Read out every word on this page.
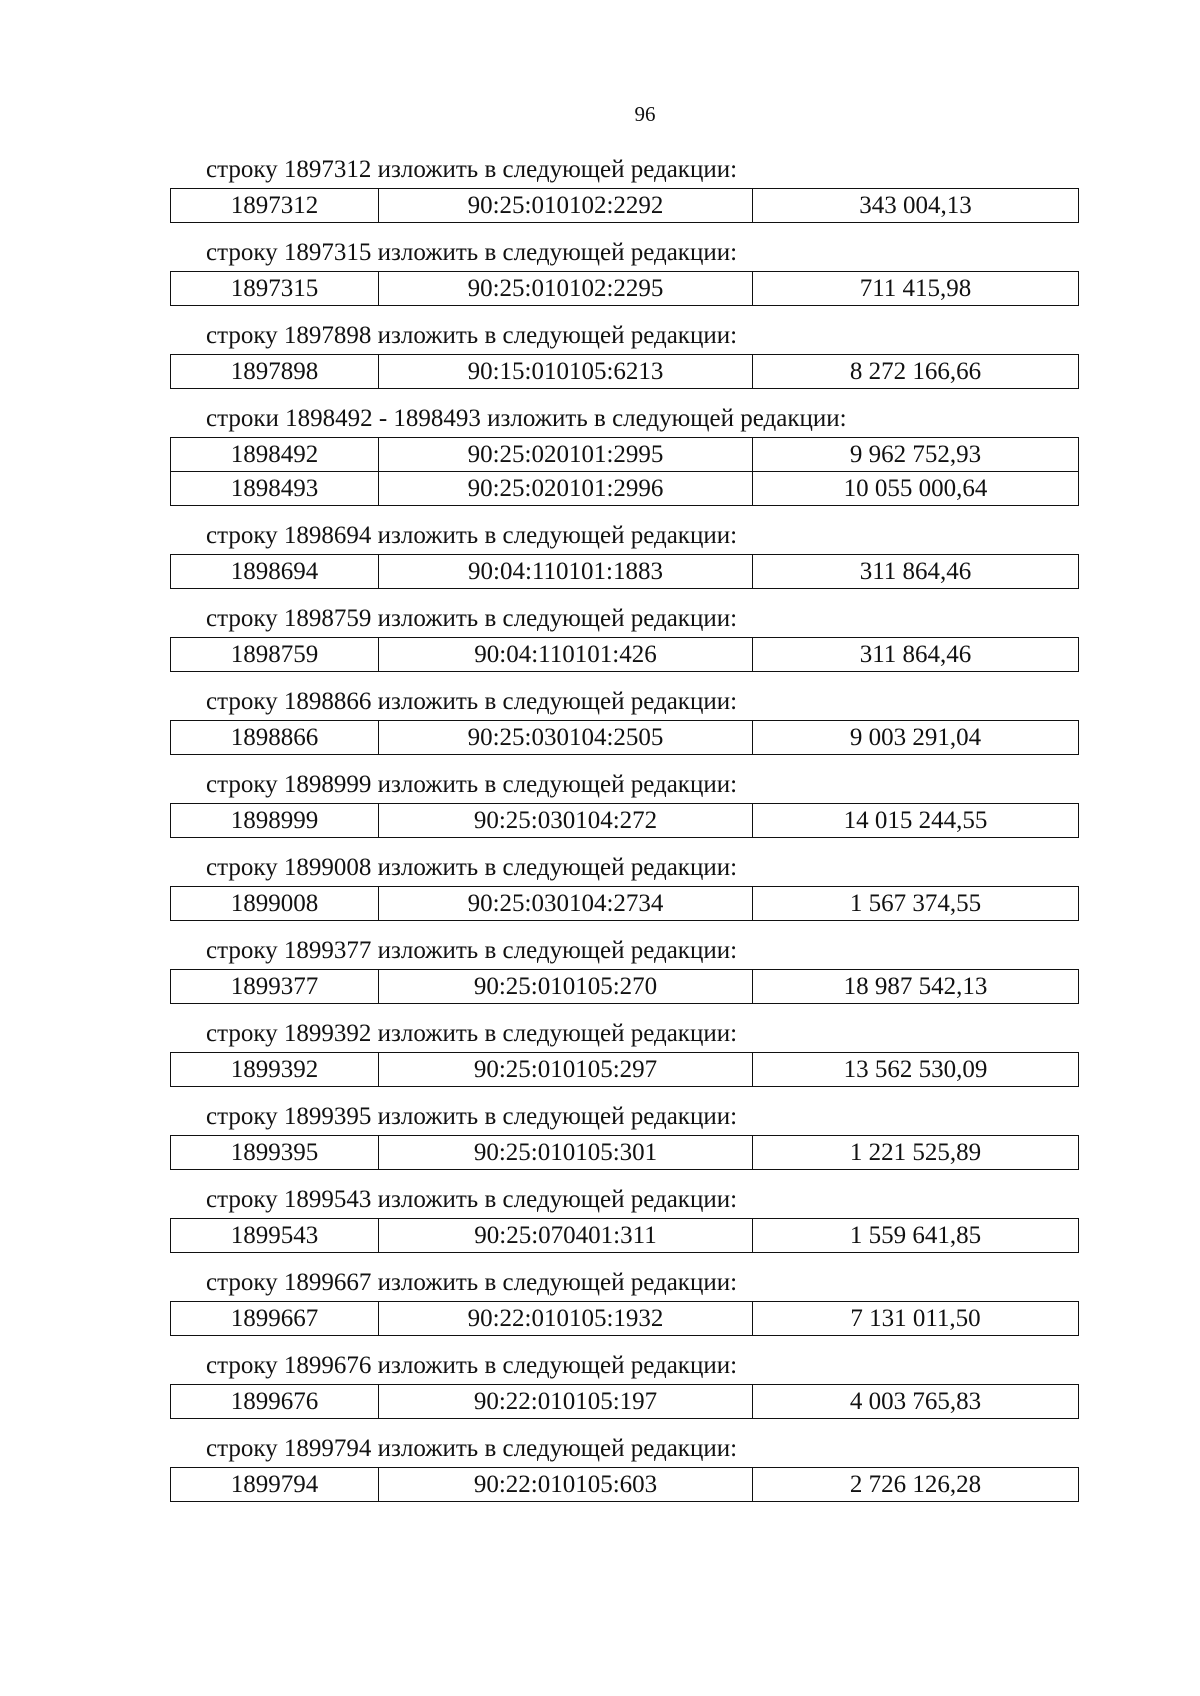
96
строку 1897312 изложить в следующей редакции:
1897312	90:25:010102:2292	343 004,13
строку 1897315 изложить в следующей редакции:
1897315	90:25:010102:2295	711 415,98
строку 1897898 изложить в следующей редакции:
1897898	90:15:010105:6213	8 272 166,66
строки 1898492 - 1898493 изложить в следующей редакции:
1898492	90:25:020101:2995	9 962 752,93
1898493	90:25:020101:2996	10 055 000,64
строку 1898694 изложить в следующей редакции:
1898694	90:04:110101:1883	311 864,46
строку 1898759 изложить в следующей редакции:
1898759	90:04:110101:426	311 864,46
строку 1898866 изложить в следующей редакции:
1898866	90:25:030104:2505	9 003 291,04
строку 1898999 изложить в следующей редакции:
1898999	90:25:030104:272	14 015 244,55
строку 1899008 изложить в следующей редакции:
1899008	90:25:030104:2734	1 567 374,55
строку 1899377 изложить в следующей редакции:
1899377	90:25:010105:270	18 987 542,13
строку 1899392 изложить в следующей редакции:
1899392	90:25:010105:297	13 562 530,09
строку 1899395 изложить в следующей редакции:
1899395	90:25:010105:301	1 221 525,89
строку 1899543 изложить в следующей редакции:
1899543	90:25:070401:311	1 559 641,85
строку 1899667 изложить в следующей редакции:
1899667	90:22:010105:1932	7 131 011,50
строку 1899676 изложить в следующей редакции:
1899676	90:22:010105:197	4 003 765,83
строку 1899794 изложить в следующей редакции:
1899794	90:22:010105:603	2 726 126,28
